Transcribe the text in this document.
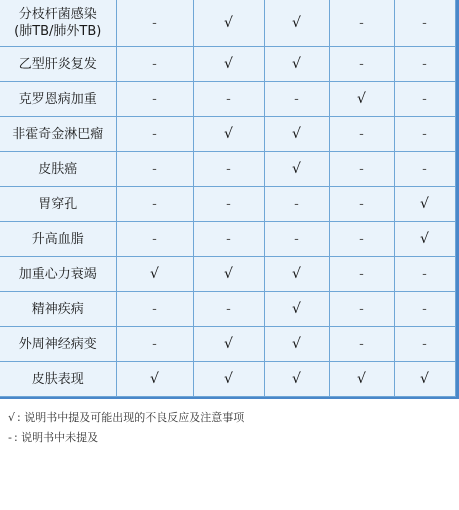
分枝杆菌感染
(肺TB/肺外TB)	-	√	√	-	-

乙型肝炎复发	-	√	√	-	-

克罗恩病加重	-	-	-	√	-

非霍奇金淋巴瘤	-	√	√	-	-

皮肤癌	-	-	√	-	-

胃穿孔	-	-	-	-	√

升高血脂	-	-	-	-	√

加重心力衰竭	√	√	√	-	-

精神疾病	-	-	√	-	-

外周神经病变	-	√	√	-	-

皮肤表现	√	√	√	√	√
√ : 说明书中提及可能出现的不良反应及注意事项
- : 说明书中未提及
